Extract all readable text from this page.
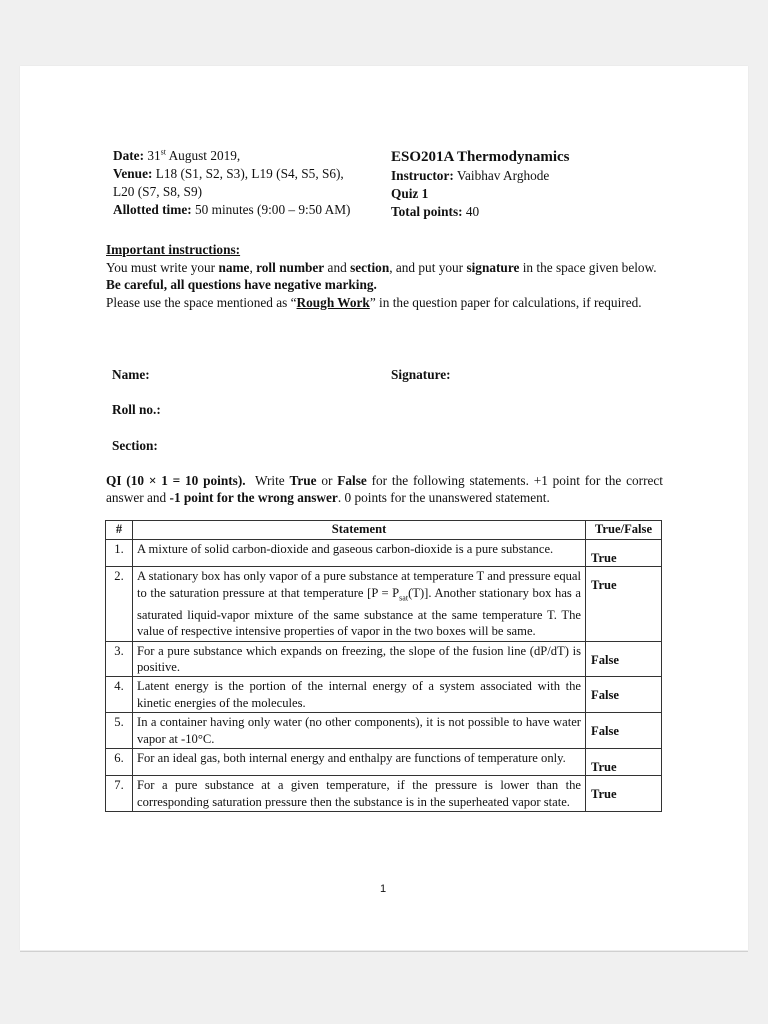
Date: 31st August 2019,
Venue: L18 (S1, S2, S3), L19 (S4, S5, S6),
L20 (S7, S8, S9)
Allotted time: 50 minutes (9:00 – 9:50 AM)
ESO201A Thermodynamics
Instructor: Vaibhav Arghode
Quiz 1
Total points: 40
Important instructions:
You must write your name, roll number and section, and put your signature in the space given below.
Be careful, all questions have negative marking.
Please use the space mentioned as “Rough Work” in the question paper for calculations, if required.
Name:	Signature:
Roll no.:
Section:
QI (10 × 1 = 10 points). Write True or False for the following statements. +1 point for the correct answer and -1 point for the wrong answer. 0 points for the unanswered statement.
#	Statement	True/False
1.	A mixture of solid carbon-dioxide and gaseous carbon-dioxide is a pure substance.	True
2.	A stationary box has only vapor of a pure substance at temperature T and pressure equal to the saturation pressure at that temperature $[P = P_{sat}(T)]$. Another stationary box has a saturated liquid-vapor mixture of the same substance at the same temperature T. The value of respective intensive properties of vapor in the two boxes will be same.	True
3.	For a pure substance which expands on freezing, the slope of the fusion line (dP/dT) is positive.	False
4.	Latent energy is the portion of the internal energy of a system associated with the kinetic energies of the molecules.	False
5.	In a container having only water (no other components), it is not possible to have water vapor at -10°C.	False
6.	For an ideal gas, both internal energy and enthalpy are functions of temperature only.	True
7.	For a pure substance at a given temperature, if the pressure is lower than the corresponding saturation pressure then the substance is in the superheated vapor state.	True
1
